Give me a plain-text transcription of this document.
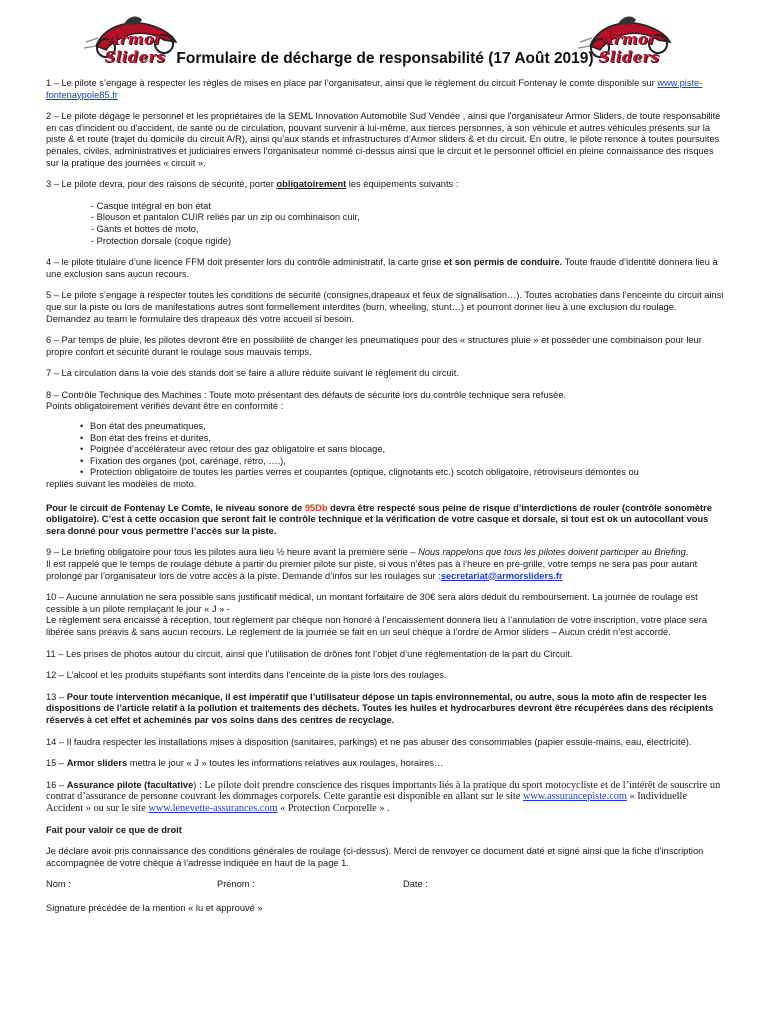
Armor Sliders
Armor Sliders
Formulaire de décharge de responsabilité (17 Août 2019)

1 – Le pilote s’engage à respecter les règles de mises en place par l’organisateur, ainsi que le règlement du circuit Fontenay le comte disponible sur www.piste-fontenaypole85.fr

2 – Le pilote dégage le personnel et les propriétaires de la SEML Innovation Automobile Sud Vendée , ainsi que l'organisateur Armor Sliders, de toute responsabilité en cas d'incident ou d'accident, de santé ou de circulation, pouvant survenir à lui-même, aux tierces personnes, à son véhicule et autres véhicules présents sur la piste & et route (trajet du domicile du circuit A/R), ainsi qu’aux stands et infrastructures d’Armor sliders & et du circuit. En outre, le pilote renonce à toutes poursuites pénales, civiles, administratives et judiciaires envers l’organisateur nommé ci-dessus ainsi que le circuit et le personnel officiel en pleine connaissance des risques sur la pratique des journées « circuit ».

3 – Le pilote devra, pour des raisons de sécurité, porter obligatoirement les équipements suivants :

- Casque intégral en bon état
- Blouson et pantalon CUIR reliés par un zip ou combinaison cuir,
- Gants et bottes de moto,
- Protection dorsale (coque rigide)

4 – le pilote titulaire d’une licence FFM doit présenter lors du contrôle administratif, la carte grise et son permis de conduire. Toute fraude d’identité donnera lieu à une exclusion sans aucun recours.

5 – Le pilote s’engage à respecter toutes les conditions de sécurité (consignes,drapeaux et feux de signalisation…). Toutes acrobaties dans l’enceinte du circuit ainsi que sur la piste ou lors de manifestations autres sont formellement interdites (burn, wheeling, stunt…) et pourront donner lieu à une exclusion du roulage. Demandez au team le formulaire des drapeaux dès votre accueil si besoin.

6 – Par temps de pluie, les pilotes devront être en possibilité de changer les pneumatiques pour des « structures pluie » et posséder une combinaison pour leur propre confort et sécurité durant le roulage sous mauvais temps.

7 – La circulation dans la voie des stands doit se faire à allure réduite suivant le règlement du circuit.

8 – Contrôle Technique des Machines : Toute moto présentant des défauts de sécurité lors du contrôle technique sera refusée.
Points obligatoirement vérifiés devant être en conformité :

• Bon état des pneumatiques,
• Bon état des freins et durites,
• Poignée d’accélérateur avec retour des gaz obligatoire et sans blocage,
• Fixation des organes (pot, carénage, rétro, ….),
• Protection obligatoire de toutes les parties verres et coupantes (optique, clignotants etc.) scotch obligatoire, rétroviseurs démontés ou

repliés suivant les modèles de moto.

Pour le circuit de Fontenay Le Comte, le niveau sonore de 95Db devra être respecté sous peine de risque d’interdictions de rouler (contrôle sonomètre obligatoire). C’est à cette occasion que seront fait le contrôle technique et la vérification de votre casque et dorsale, si tout est ok un autocollant vous sera donné pour vous permettre l’accès sur la piste.

9 – Le briefing obligatoire pour tous les pilotes aura lieu ½ heure avant la première série – Nous rappelons que tous les pilotes doivent participer au Briefing.
Il est rappelé que le temps de roulage débute à partir du premier pilote sur piste, si vous n’êtes pas à l’heure en pré-grille, votre temps ne sera pas pour autant prolongé par l’organisateur lors de votre accès à la piste. Demande d’infos sur les roulages sur :secretariat@armorsliders.fr

10 – Aucune annulation ne sera possible sans justificatif médical, un montant forfaitaire de 30€ sera alors déduit du remboursement. La journée de roulage est cessible à un pilote remplaçant le jour « J » -
Le règlement sera encaissé à réception, tout règlement par chèque non honoré à l’encaissement donnera lieu à l’annulation de votre inscription, votre place sera libérée sans préavis & sans aucun recours. Le règlement de la journée se fait en un seul chèque à l’ordre de Armor sliders – Aucun crédit n’est accordé.

11 – Les prises de photos autour du circuit, ainsi que l’utilisation de drônes font l’objet d’une réglementation de la part du Circuit.

12 – L’alcool et les produits stupéfiants sont interdits dans l’enceinte de la piste lors des roulages.

13 – Pour toute intervention mécanique, il est impératif que l’utilisateur dépose un tapis environnemental, ou autre, sous la moto afin de respecter les dispositions de l’article relatif à la pollution et traitements des déchets. Toutes les huiles et hydrocarbures devront être récupérées dans des récipients réservés à cet effet et acheminés par vos soins dans des centres de recyclage.

14 – Il faudra respecter les installations mises à disposition (sanitaires, parkings) et ne pas abuser des consommables (papier essuie-mains, eau, électricité).

15 – Armor sliders mettra le jour « J » toutes les informations relatives aux roulages, horaires…

16 – Assurance pilote (facultative) : Le pilote doit prendre conscience des risques importants liés à la pratique du sport motocycliste et de l’intérêt de souscrire un contrat d’assurance de personne couvrant les dommages corporels. Cette garantie est disponible en allant sur le site www.assurancepiste.com « Individuelle Accident » ou sur le site www.lenevette-assurances.com « Protection Corporelle » .

Fait pour valoir ce que de droit

Je déclare avoir pris connaissance des conditions générales de roulage (ci-dessus). Merci de renvoyer ce document daté et signé ainsi que la fiche d’inscription accompagnée de votre chèque à l’adresse indiquée en haut de la page 1.

Nom :	Prénom :	Date :

Signature précédée de la mention « lu et approuvé »
